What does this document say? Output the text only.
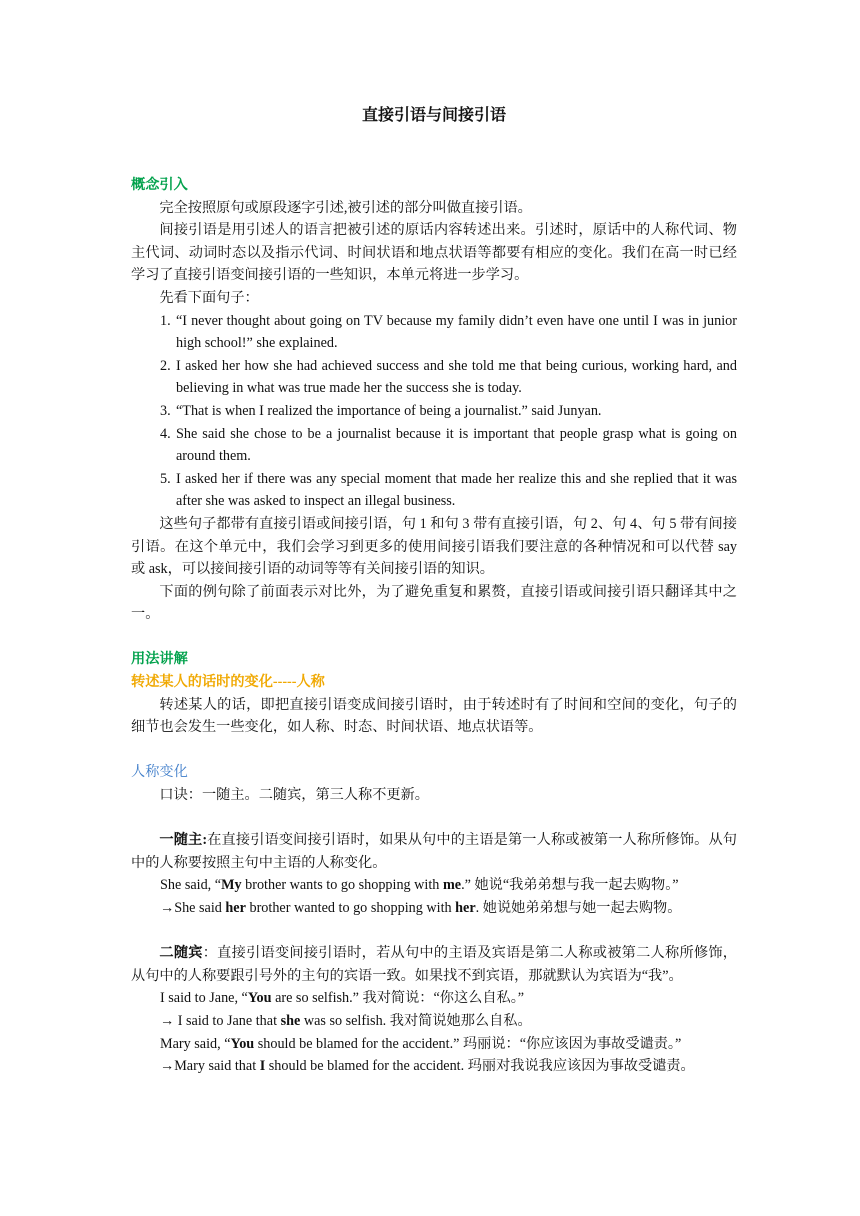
直接引语与间接引语
概念引入

完全按照原句或原段逐字引述,被引述的部分叫做直接引语。

间接引语是用引述人的语言把被引述的原话内容转述出来。引述时，原话中的人称代词、物主代词、动词时态以及指示代词、时间状语和地点状语等都要有相应的变化。我们在高一时已经学习了直接引语变间接引语的一些知识，本单元将进一步学习。

先看下面句子：

1. “I never thought about going on TV because my family didn’t even have one until I was in junior high school!” she explained.
2. I asked her how she had achieved success and she told me that being curious, working hard, and believing in what was true made her the success she is today.
3. “That is when I realized the importance of being a journalist.” said Junyan.
4. She said she chose to be a journalist because it is important that people grasp what is going on around them.
5. I asked her if there was any special moment that made her realize this and she replied that it was after she was asked to inspect an illegal business.

这些句子都带有直接引语或间接引语，句 1 和句 3 带有直接引语，句 2、句 4、句 5 带有间接引语。在这个单元中，我们会学习到更多的使用间接引语我们要注意的各种情况和可以代替 say 或 ask，可以接间接引语的动词等等有关间接引语的知识。

下面的例句除了前面表示对比外，为了避免重复和累赘，直接引语或间接引语只翻译其中之一。

用法讲解
转述某人的话时的变化-----人称

转述某人的话，即把直接引语变成间接引语时，由于转述时有了时间和空间的变化，句子的细节也会发生一些变化，如人称、时态、时间状语、地点状语等。

人称变化

口诀：一随主。二随宾，第三人称不更新。

一随主:在直接引语变间接引语时，如果从句中的主语是第一人称或被第一人称所修饰。从句中的人称要按照主句中主语的人称变化。

She said, “My brother wants to go shopping with me.” 她说“我弟弟想与我一起去购物。”
→She said her brother wanted to go shopping with her. 她说她弟弟想与她一起去购物。

二随宾：直接引语变间接引语时，若从句中的主语及宾语是第二人称或被第二人称所修饰，从句中的人称要跟引号外的主句的宾语一致。如果找不到宾语，那就默认为宾语为“我”。

I said to Jane, “You are so selfish.” 我对简说：“你这么自私。”
→ I said to Jane that she was so selfish. 我对简说她那么自私。
Mary said, “You should be blamed for the accident.” 玛丽说：“你应该因为事故受谴责。”
→Mary said that I should be blamed for the accident. 玛丽对我说我应该因为事故受谴责。
